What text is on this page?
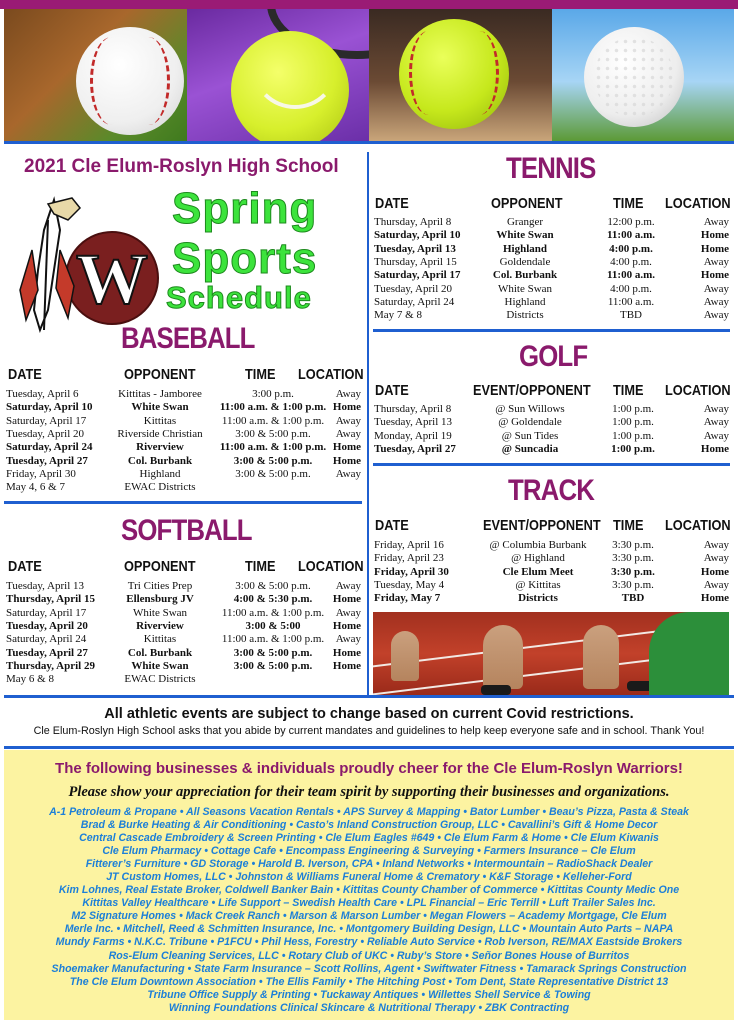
2021 Cle Elum-Roslyn High School
W
Spring
Sports
Schedule
BASEBALL
DATE	OPPONENT	TIME LOCATION
SOFTBALL
DATE	OPPONENT	TIME LOCATION
TENNIS
DATE	OPPONENT	TIME LOCATION
GOLF
DATE	EVENT/OPPONENT TIME LOCATION
TRACK
DATE	EVENT/OPPONENT TIME LOCATION
All athletic events are subject to change based on current Covid restrictions.
Cle Elum-Roslyn High School asks that you abide by current mandates and guidelines to help keep everyone safe and in school. Thank You!
The following businesses & individuals proudly cheer for the Cle Elum-Roslyn Warriors!
Please show your appreciation for their team spirit by supporting their businesses and organizations.
A-1 Petroleum & Propane • All Seasons Vacation Rentals • APS Survey & Mapping • Bator Lumber • Beau’s Pizza, Pasta & Steak
Brad & Burke Heating & Air Conditioning • Casto’s Inland Construction Group, LLC • Cavallini’s Gift & Home Decor
Central Cascade Embroidery & Screen Printing • Cle Elum Eagles #649 • Cle Elum Farm & Home • Cle Elum Kiwanis
Cle Elum Pharmacy • Cottage Cafe • Encompass Engineering & Surveying • Farmers Insurance – Cle Elum
Fitterer’s Furniture • GD Storage • Harold B. Iverson, CPA • Inland Networks • Intermountain – RadioShack Dealer
JT Custom Homes, LLC • Johnston & Williams Funeral Home & Crematory • K&F Storage • Kelleher-Ford
Kim Lohnes, Real Estate Broker, Coldwell Banker Bain • Kittitas County Chamber of Commerce • Kittitas County Medic One
Kittitas Valley Healthcare • Life Support – Swedish Health Care • LPL Financial – Eric Terrill • Luft Trailer Sales Inc.
M2 Signature Homes • Mack Creek Ranch • Marson & Marson Lumber • Megan Flowers – Academy Mortgage, Cle Elum
Merle Inc. • Mitchell, Reed & Schmitten Insurance, Inc. • Montgomery Building Design, LLC • Mountain Auto Parts – NAPA
Mundy Farms • N.K.C. Tribune • P1FCU • Phil Hess, Forestry • Reliable Auto Service • Rob Iverson, RE/MAX Eastside Brokers
Ros-Elum Cleaning Services, LLC • Rotary Club of UKC • Ruby’s Store • Señor Bones House of Burritos
Shoemaker Manufacturing • State Farm Insurance – Scott Rollins, Agent • Swiftwater Fitness • Tamarack Springs Construction
The Cle Elum Downtown Association • The Ellis Family • The Hitching Post • Tom Dent, State Representative District 13
Tribune Office Supply & Printing • Tuckaway Antiques • Willettes Shell Service & Towing
Winning Foundations Clinical Skincare & Nutritional Therapy • ZBK Contracting
Tuesday, April 6	Kittitas - Jamboree	3:00 p.m.	Away
Saturday, April 10	White Swan	11:00 a.m. & 1:00 p.m. Home
Saturday, April 17	Kittitas	11:00 a.m. & 1:00 p.m. Away
Tuesday, April 20	Riverside Christian	3:00 & 5:00 p.m. Away
Saturday, April 24	Riverview	11:00 a.m. & 1:00 p.m. Home
Tuesday, April 27	Col. Burbank	3:00 & 5:00 p.m. Home
Friday, April 30	Highland	3:00 & 5:00 p.m. Away
May 4, 6 & 7	EWAC Districts
Tuesday, April 13	Tri Cities Prep	3:00 & 5:00 p.m. Away
Thursday, April 15	Ellensburg JV	4:00 & 5:30 p.m. Home
Saturday, April 17	White Swan	11:00 a.m. & 1:00 p.m. Away
Tuesday, April 20	Riverview	3:00 & 5:00	Home
Saturday, April 24	Kittitas	11:00 a.m. & 1:00 p.m. Away
Tuesday, April 27	Col. Burbank	3:00 & 5:00 p.m. Home
Thursday, April 29	White Swan	3:00 & 5:00 p.m. Home
May 6 & 8	EWAC Districts
Thursday, April 8	Granger	12:00 p.m.	Away
Saturday, April 10	White Swan	11:00 a.m.	Home
Tuesday, April 13	Highland	4:00 p.m.	Home
Thursday, April 15	Goldendale	4:00 p.m.	Away
Saturday, April 17	Col. Burbank	11:00 a.m.	Home
Tuesday, April 20	White Swan	4:00 p.m.	Away
Saturday, April 24	Highland	11:00 a.m.	Away
May 7 & 8	Districts	TBD	Away
Thursday, April 8	@ Sun Willows	1:00 p.m.	Away
Tuesday, April 13	@ Goldendale	1:00 p.m.	Away
Monday, April 19	@ Sun Tides	1:00 p.m.	Away
Tuesday, April 27	@ Suncadia	1:00 p.m.	Home
Friday, April 16	@ Columbia Burbank 3:30 p.m.	Away
Friday, April 23	@ Highland	3:30 p.m.	Away
Friday, April 30	Cle Elum Meet	3:30 p.m.	Home
Tuesday, May 4	@ Kittitas	3:30 p.m.	Away
Friday, May 7	Districts	TBD	Home
